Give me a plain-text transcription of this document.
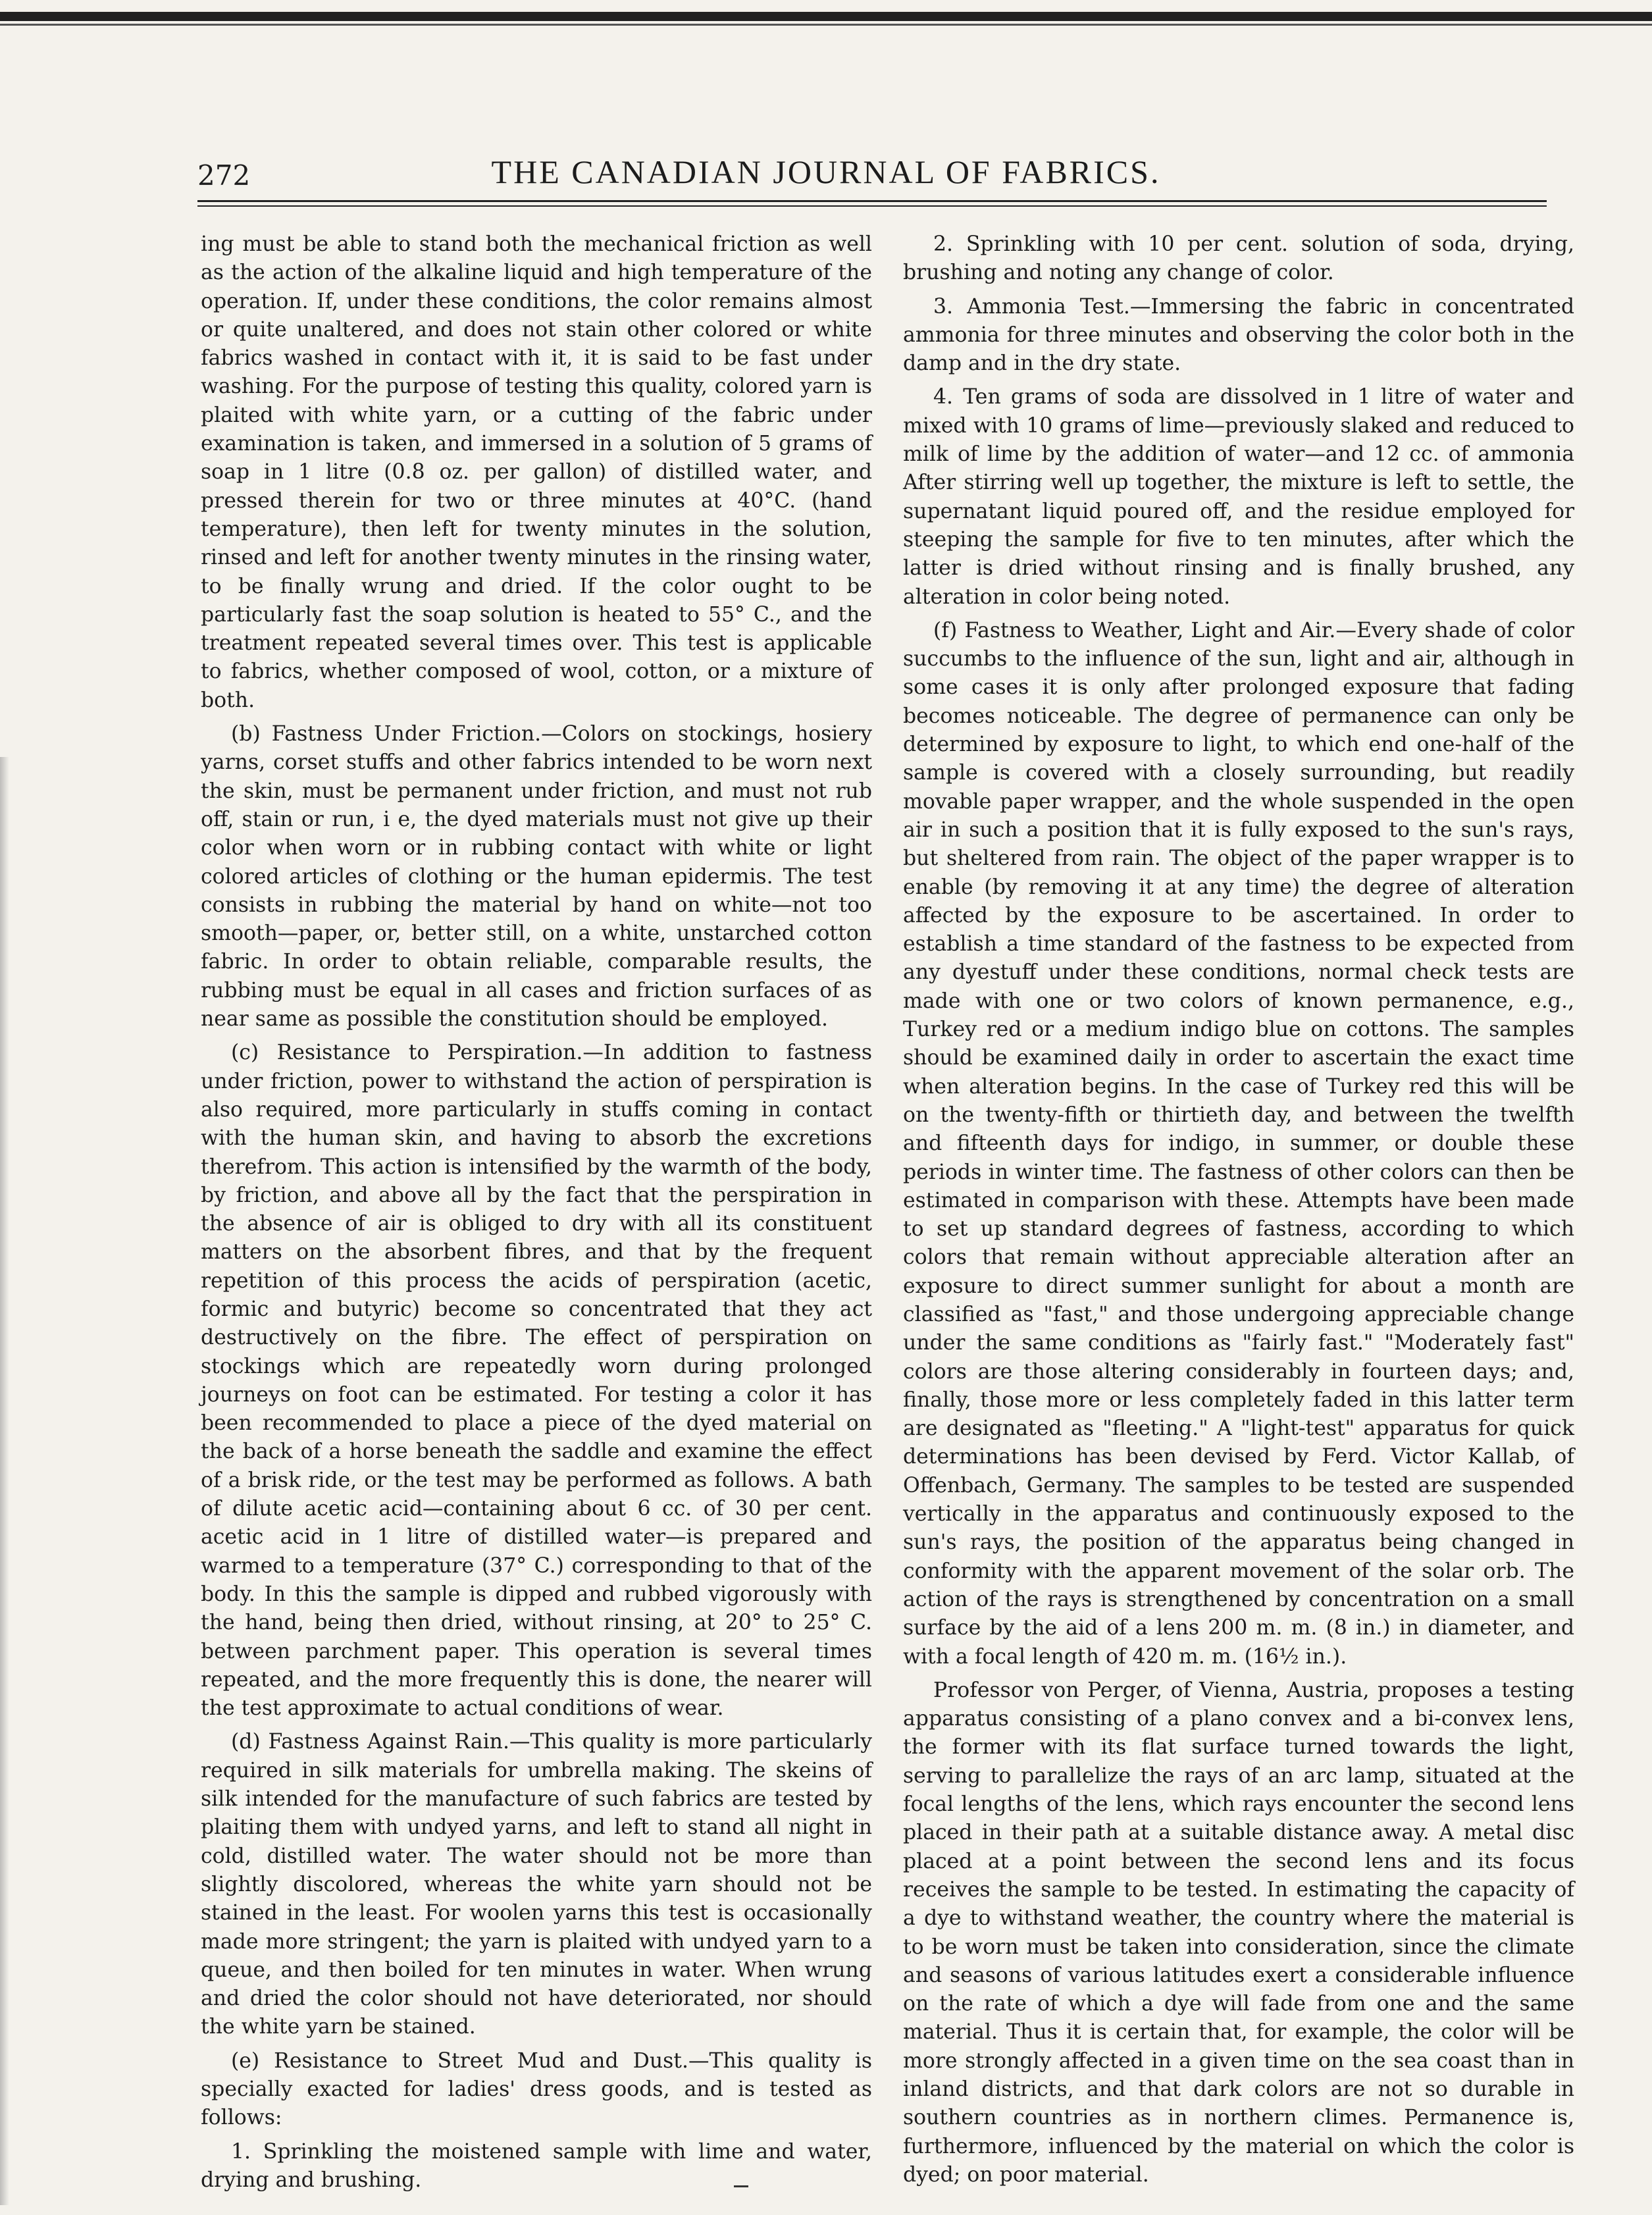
272	THE CANADIAN JOURNAL OF FABRICS.

ing must be able to stand both the mechanical friction as well as the action of the alkaline liquid and high temperature of the operation. If, under these conditions, the color remains almost or quite unaltered, and does not stain other colored or white fabrics washed in contact with it, it is said to be fast under washing. For the purpose of testing this quality, colored yarn is plaited with white yarn, or a cutting of the fabric under examination is taken, and immersed in a solution of 5 grams of soap in 1 litre (0.8 oz. per gallon) of distilled water, and pressed therein for two or three minutes at 40°C. (hand temperature), then left for twenty minutes in the solution, rinsed and left for another twenty minutes in the rinsing water, to be finally wrung and dried. If the color ought to be particularly fast the soap solution is heated to 55° C., and the treatment repeated several times over. This test is applicable to fabrics, whether composed of wool, cotton, or a mixture of both.

(b) Fastness Under Friction.—Colors on stockings, hosiery yarns, corset stuffs and other fabrics intended to be worn next the skin, must be permanent under friction, and must not rub off, stain or run, i e, the dyed materials must not give up their color when worn or in rubbing contact with white or light colored articles of clothing or the human epidermis. The test consists in rubbing the material by hand on white—not too smooth—paper, or, better still, on a white, unstarched cotton fabric. In order to obtain reliable, comparable results, the rubbing must be equal in all cases and friction surfaces of as near same as possible the constitution should be employed.

(c) Resistance to Perspiration.—In addition to fastness under friction, power to withstand the action of perspiration is also required, more particularly in stuffs coming in contact with the human skin, and having to absorb the excretions therefrom. This action is intensified by the warmth of the body, by friction, and above all by the fact that the perspiration in the absence of air is obliged to dry with all its constituent matters on the absorbent fibres, and that by the frequent repetition of this process the acids of perspiration (acetic, formic and butyric) become so concentrated that they act destructively on the fibre. The effect of perspiration on stockings which are repeatedly worn during prolonged journeys on foot can be estimated. For testing a color it has been recommended to place a piece of the dyed material on the back of a horse beneath the saddle and examine the effect of a brisk ride, or the test may be performed as follows. A bath of dilute acetic acid—containing about 6 cc. of 30 per cent. acetic acid in 1 litre of distilled water—is prepared and warmed to a temperature (37° C.) corresponding to that of the body. In this the sample is dipped and rubbed vigorously with the hand, being then dried, without rinsing, at 20° to 25° C. between parchment paper. This operation is several times repeated, and the more frequently this is done, the nearer will the test approximate to actual conditions of wear.

(d) Fastness Against Rain.—This quality is more particularly required in silk materials for umbrella making. The skeins of silk intended for the manufacture of such fabrics are tested by plaiting them with undyed yarns, and left to stand all night in cold, distilled water. The water should not be more than slightly discolored, whereas the white yarn should not be stained in the least. For woolen yarns this test is occasionally made more stringent; the yarn is plaited with undyed yarn to a queue, and then boiled for ten minutes in water. When wrung and dried the color should not have deteriorated, nor should the white yarn be stained.

(e) Resistance to Street Mud and Dust.—This quality is specially exacted for ladies' dress goods, and is tested as follows:

1. Sprinkling the moistened sample with lime and water, drying and brushing.

2. Sprinkling with 10 per cent. solution of soda, drying, brushing and noting any change of color.

3. Ammonia Test.—Immersing the fabric in concentrated ammonia for three minutes and observing the color both in the damp and in the dry state.

4. Ten grams of soda are dissolved in 1 litre of water and mixed with 10 grams of lime—previously slaked and reduced to milk of lime by the addition of water—and 12 cc. of ammonia After stirring well up together, the mixture is left to settle, the supernatant liquid poured off, and the residue employed for steeping the sample for five to ten minutes, after which the latter is dried without rinsing and is finally brushed, any alteration in color being noted.

(f) Fastness to Weather, Light and Air.—Every shade of color succumbs to the influence of the sun, light and air, although in some cases it is only after prolonged exposure that fading becomes noticeable. The degree of permanence can only be determined by exposure to light, to which end one-half of the sample is covered with a closely surrounding, but readily movable paper wrapper, and the whole suspended in the open air in such a position that it is fully exposed to the sun's rays, but sheltered from rain. The object of the paper wrapper is to enable (by removing it at any time) the degree of alteration affected by the exposure to be ascertained. In order to establish a time standard of the fastness to be expected from any dyestuff under these conditions, normal check tests are made with one or two colors of known permanence, e.g., Turkey red or a medium indigo blue on cottons. The samples should be examined daily in order to ascertain the exact time when alteration begins. In the case of Turkey red this will be on the twenty-fifth or thirtieth day, and between the twelfth and fifteenth days for indigo, in summer, or double these periods in winter time. The fastness of other colors can then be estimated in comparison with these. Attempts have been made to set up standard degrees of fastness, according to which colors that remain without appreciable alteration after an exposure to direct summer sunlight for about a month are classified as "fast," and those undergoing appreciable change under the same conditions as "fairly fast." "Moderately fast" colors are those altering considerably in fourteen days; and, finally, those more or less completely faded in this latter term are designated as "fleeting." A "light-test" apparatus for quick determinations has been devised by Ferd. Victor Kallab, of Offenbach, Germany. The samples to be tested are suspended vertically in the apparatus and continuously exposed to the sun's rays, the position of the apparatus being changed in conformity with the apparent movement of the solar orb. The action of the rays is strengthened by concentration on a small surface by the aid of a lens 200 m. m. (8 in.) in diameter, and with a focal length of 420 m. m. (16½ in.).

Professor von Perger, of Vienna, Austria, proposes a testing apparatus consisting of a plano convex and a bi-convex lens, the former with its flat surface turned towards the light, serving to parallelize the rays of an arc lamp, situated at the focal lengths of the lens, which rays encounter the second lens placed in their path at a suitable distance away. A metal disc placed at a point between the second lens and its focus receives the sample to be tested. In estimating the capacity of a dye to withstand weather, the country where the material is to be worn must be taken into consideration, since the climate and seasons of various latitudes exert a considerable influence on the rate of which a dye will fade from one and the same material. Thus it is certain that, for example, the color will be more strongly affected in a given time on the sea coast than in inland districts, and that dark colors are not so durable in southern countries as in northern climes. Permanence is, furthermore, influenced by the material on which the color is dyed; on poor material.
